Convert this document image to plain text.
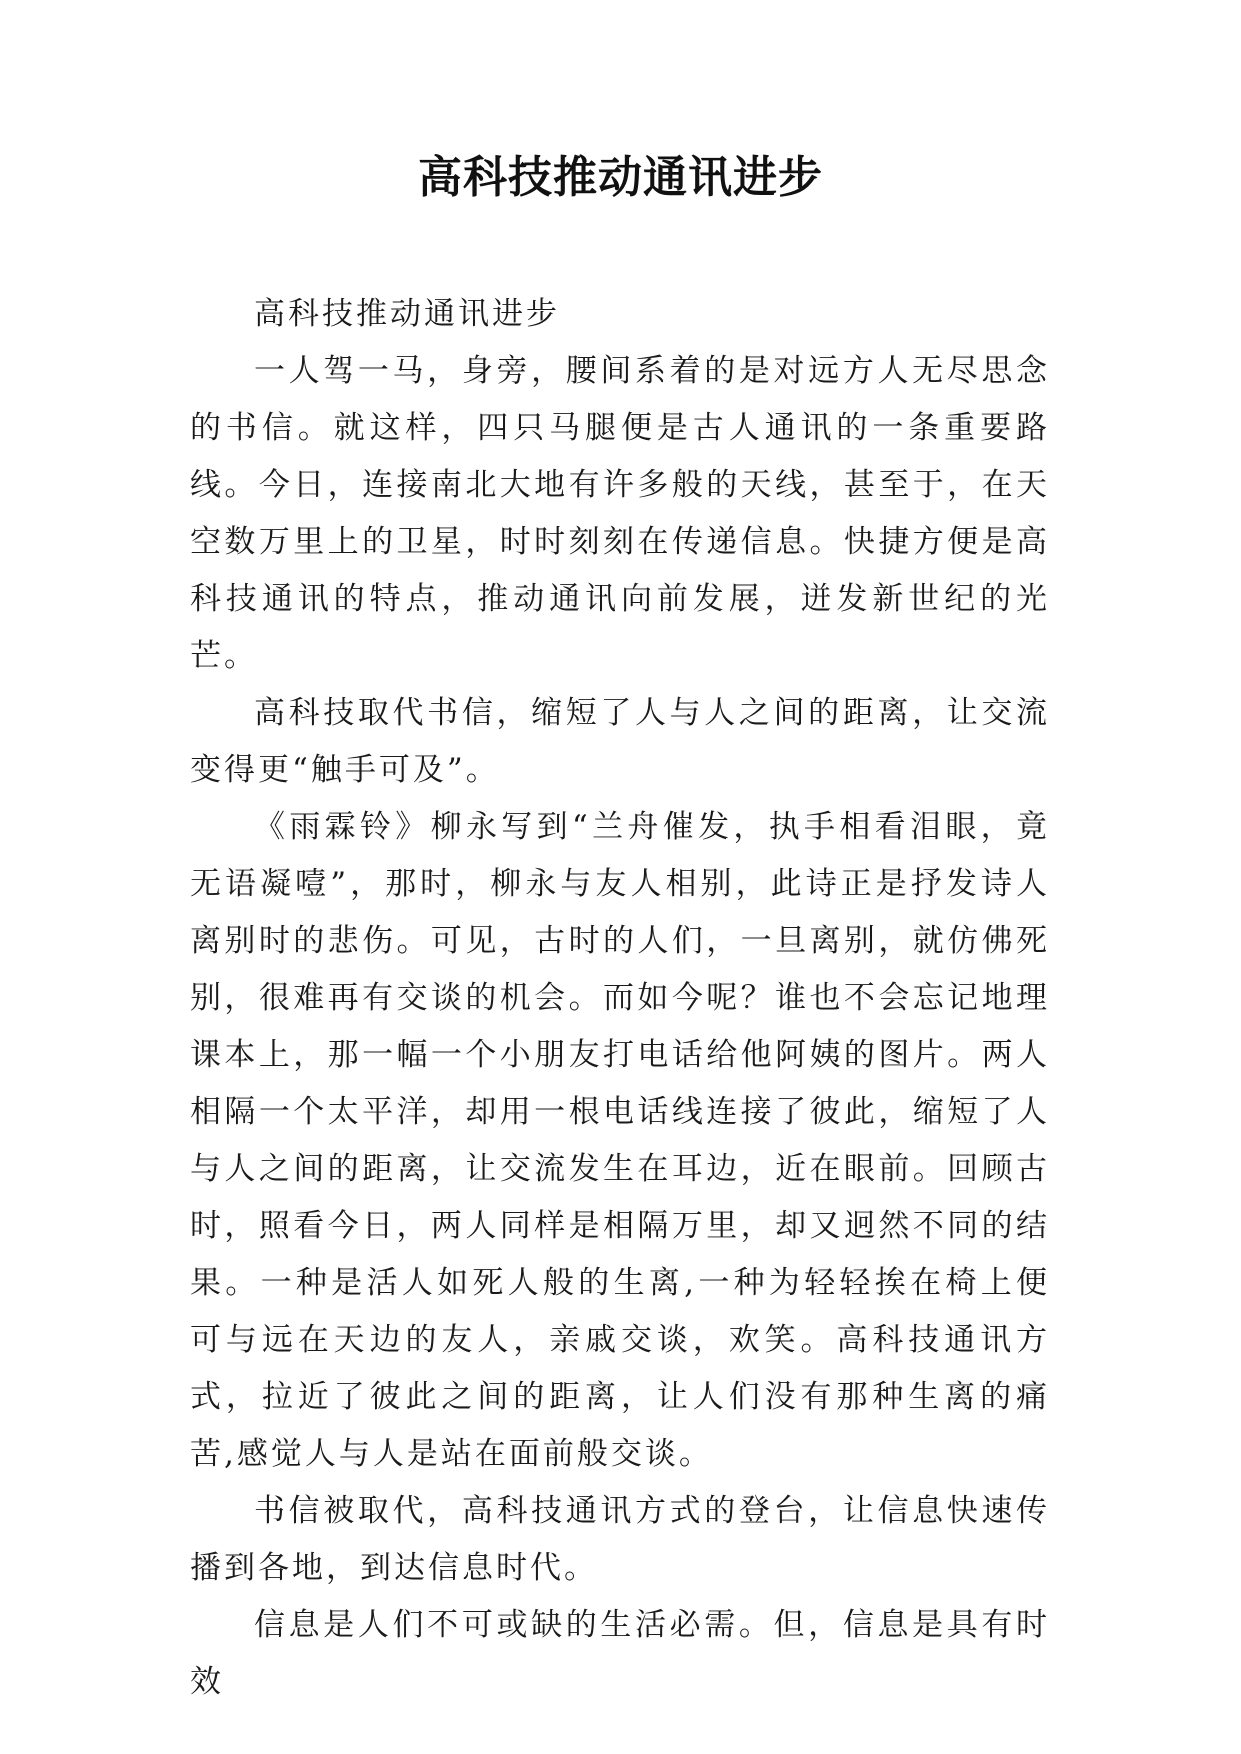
高科技推动通讯进步

高科技推动通讯进步

一人驾一马，身旁，腰间系着的是对远方人无尽思念的书信。就这样，四只马腿便是古人通讯的一条重要路线。今日，连接南北大地有许多般的天线，甚至于，在天空数万里上的卫星，时时刻刻在传递信息。快捷方便是高科技通讯的特点，推动通讯向前发展，迸发新世纪的光芒。

高科技取代书信，缩短了人与人之间的距离，让交流变得更“触手可及”。

《雨霖铃》柳永写到“兰舟催发，执手相看泪眼，竟无语凝噎”，那时，柳永与友人相别，此诗正是抒发诗人离别时的悲伤。可见，古时的人们，一旦离别，就仿佛死别，很难再有交谈的机会。而如今呢？谁也不会忘记地理课本上，那一幅一个小朋友打电话给他阿姨的图片。两人相隔一个太平洋，却用一根电话线连接了彼此，缩短了人与人之间的距离，让交流发生在耳边，近在眼前。回顾古时，照看今日，两人同样是相隔万里，却又迥然不同的结果。一种是活人如死人般的生离,一种为轻轻挨在椅上便可与远在天边的友人，亲戚交谈，欢笑。高科技通讯方式，拉近了彼此之间的距离，让人们没有那种生离的痛苦,感觉人与人是站在面前般交谈。

书信被取代，高科技通讯方式的登台，让信息快速传播到各地，到达信息时代。

信息是人们不可或缺的生活必需。但，信息是具有时效
